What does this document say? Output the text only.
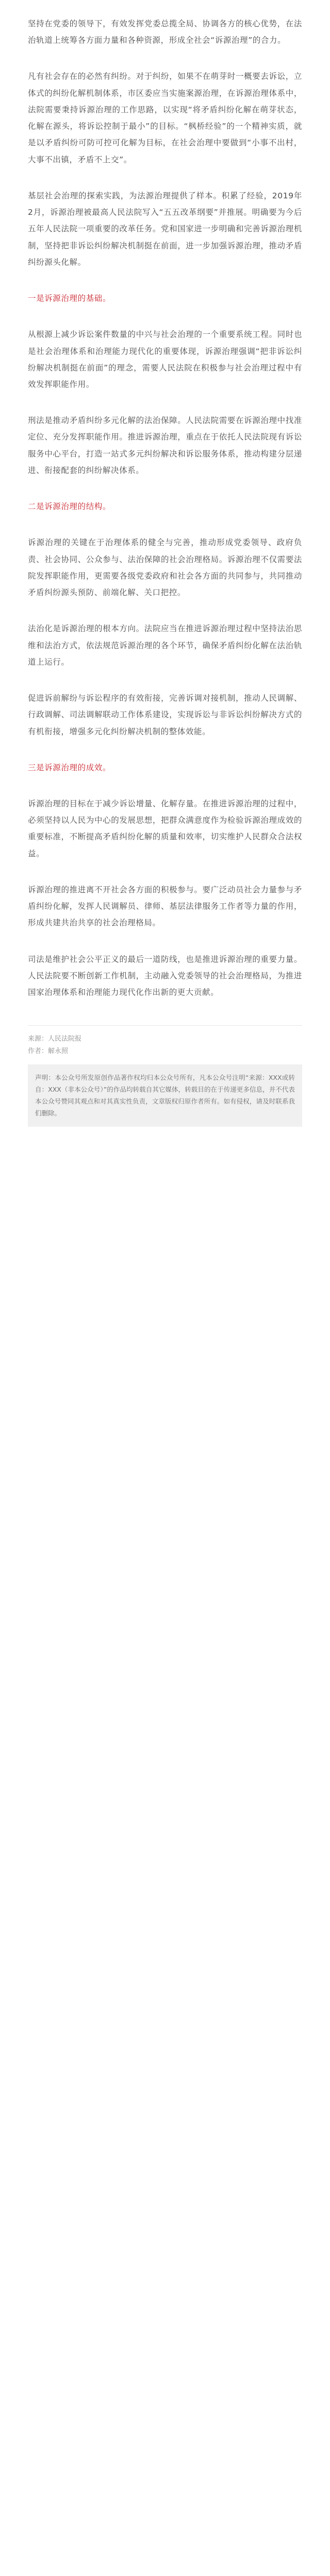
坚持在党委的领导下，有效发挥党委总揽全局、协调各方的核心优势，在法治轨道上统筹各方面力量和各种资源，形成全社会“诉源治理”的合力。

凡有社会存在的必然有纠纷。对于纠纷，如果不在萌芽时一概要去诉讼，立体式的纠纷化解机制体系，市区委应当实施案源治理，在诉源治理体系中，法院需要秉持诉源治理的工作思路，以实现“将矛盾纠纷化解在萌芽状态，化解在源头，将诉讼控制于最小”的目标。“枫桥经验”的一个精神实质，就是以矛盾纠纷可防可控可化解为目标，在社会治理中要做到“小事不出村，大事不出镇，矛盾不上交”。

基层社会治理的探索实践，为法源治理提供了样本。积累了经验，2019年2月，诉源治理被最高人民法院写入“五五改革纲要”并推展。明确要为今后五年人民法院一项重要的改革任务。党和国家进一步明确和完善诉源治理机制，坚持把非诉讼纠纷解决机制挺在前面，进一步加强诉源治理，推动矛盾纠纷源头化解。

一是诉源治理的基础。

从根源上减少诉讼案件数量的中兴与社会治理的一个重要系统工程。同时也是社会治理体系和治理能力现代化的重要体现，诉源治理强调“把非诉讼纠纷解决机制挺在前面”的理念，需要人民法院在积极参与社会治理过程中有效发挥职能作用。

刑法是推动矛盾纠纷多元化解的法治保障。人民法院需要在诉源治理中找准定位、充分发挥职能作用。推进诉源治理，重点在于依托人民法院现有诉讼服务中心平台，打造一站式多元纠纷解决和诉讼服务体系，推动构建分层递进、衔接配套的纠纷解决体系。

二是诉源治理的结构。

诉源治理的关键在于治理体系的健全与完善，推动形成党委领导、政府负责、社会协同、公众参与、法治保障的社会治理格局。诉源治理不仅需要法院发挥职能作用，更需要各级党委政府和社会各方面的共同参与，共同推动矛盾纠纷源头预防、前端化解、关口把控。

法治化是诉源治理的根本方向。法院应当在推进诉源治理过程中坚持法治思维和法治方式，依法规范诉源治理的各个环节，确保矛盾纠纷化解在法治轨道上运行。

促进诉前解纷与诉讼程序的有效衔接，完善诉调对接机制，推动人民调解、行政调解、司法调解联动工作体系建设，实现诉讼与非诉讼纠纷解决方式的有机衔接，增强多元化纠纷解决机制的整体效能。

三是诉源治理的成效。

诉源治理的目标在于减少诉讼增量、化解存量。在推进诉源治理的过程中，必须坚持以人民为中心的发展思想，把群众满意度作为检验诉源治理成效的重要标准，不断提高矛盾纠纷化解的质量和效率，切实维护人民群众合法权益。

诉源治理的推进离不开社会各方面的积极参与。要广泛动员社会力量参与矛盾纠纷化解，发挥人民调解员、律师、基层法律服务工作者等力量的作用，形成共建共治共享的社会治理格局。

司法是维护社会公平正义的最后一道防线，也是推进诉源治理的重要力量。人民法院要不断创新工作机制，主动融入党委领导的社会治理格局，为推进国家治理体系和治理能力现代化作出新的更大贡献。

来源：人民法院报
作者：解永照
声明：本公众号所发原创作品著作权均归本公众号所有，凡本公众号注明“来源：XXX或转自：XXX（非本公众号）”的作品均转载自其它媒体，转载目的在于传递更多信息，并不代表本公众号赞同其观点和对其真实性负责，文章版权归原作者所有。如有侵权，请及时联系我们删除。
